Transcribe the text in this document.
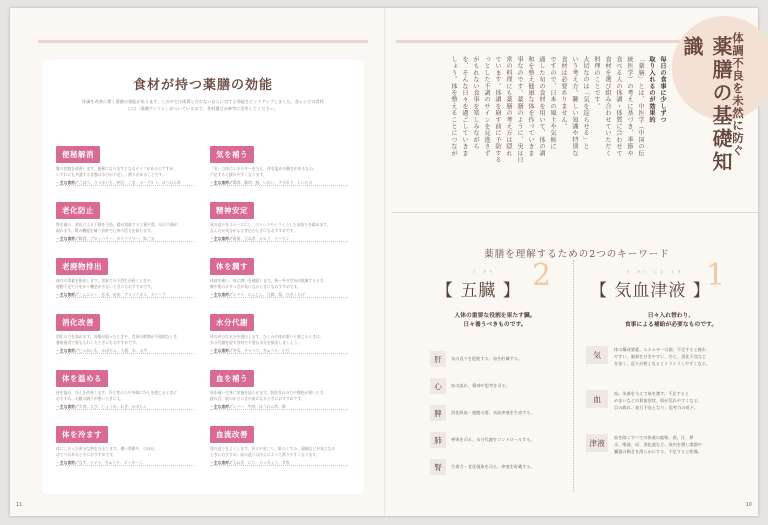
食材が持つ薬膳の効能
体調を改善に導く薬膳の効能があります。この中では体質と合わない自らに対する効能をピックアップしました。各レシピの食材には「薬膳アイコン」がついているので、食材選びの参考に活用してください。
便秘解消
腸の状態を改善します。便秘になりますとなるタイプがあるのですが、
いずれにも共通する状態は水分が不足し、滞りがあることです。
・主な食材／ごぼう、さつまいも、納豆、ごま、ヨーグルト、ほうれん草
気を補う
「気」は体にエネルギーを与え、体を温める働きがあるもの。
不足すると疲れやすくなります。
・主な食材／鶏肉、豚肉、鮭、いわし、アボカド、しいたけ
老化防止
腎を養い、老化による不調を予防。精が消耗すると髪や骨、耳の不調が
現れます。腎の機能を補う食材で心身の活力を保ちます。
・主な食材／豚肉、ブロッコリー、カリフラワー、黒ごま
精神安定
気の巡りをスムーズにし、ストレスやイライラした気持ちを鎮めます。
なんだか気分がふさぎ込むときにもおすすめです。
・主な食材／春菊、玉ねぎ、セロリ、ピーマン
老廃物排出
体内の毒素を排出します。食事での不摂生が続くときや、
運動不足で汗をかく機会が少ないときにもおすすめです。
・主な食材／こんにゃく、玄米、昆布、アスパラガス、オリーブ
体を潤す
体液を補い、体に潤いを補給します。秋～冬の空気が乾燥するとき、
喉や肌のカサつきが気になるときにもおすすめです。
・主な食材／トマト、にんじん、豆腐、梨、白きくらげ
消化改善
消化の力を高めます。胃腸が弱ったときや、食事の時間が不規則なとき、
暴飲暴食で胃もたれしたときにもおすすめです。
・主な食材／じゃがいも、かぼちゃ、大根、米、山芋
水分代謝
体の余分な水分を排出します。むくみや体が重いと感じるときは、
水分代謝を促す食材で不要な水分を排出しましょう。
・主な食材／冬瓜、キャベツ、きゅうり、小豆
体を温める
体を温め、冷えを改善します。冷え性の人や冬場に冷えを感じるときに
おすすめ。お腹の調子が悪いときにも。
・主な食材／羊肉、えび、しょうが、ねぎ、かぼちゃ
血を補う
血を補い全身に栄養を巡らせます。貧血ぎみの方や顔色が悪いとき、
疲れ目、肌のかさつきが気になるときにおすすめです。
・主な食材／レバー、牛肉、ほうれん草、卵
体を冷ます
体にこもった余分な熱を冷まします。暑い季節や、のぼせ、
ほてりがあるときにおすすめです。
・主な食材／なす、トマト、きゅうり、ズッキーニ
血流改善
血の巡りをよくします。冷えや肩こり、肌のくすみ、頭痛などが気になる
ときにおすすめ。血の巡りは冷えによって滞りやすくなります。
・主な食材／玉ねぎ、にら、らっきょう、青魚
11
体調不良を未然に防ぐ
薬膳の基礎知識
毎日の食事に少しずつ
取り入れるのが効果的
「薬膳」とは、中医学（中国の伝
統医学）の考えに基づき、季節や
食べる人の体調・体質に合わせて
食材を選び組み合わせていただく
料理のことです。
大切なのは「気を巡らせる」と
いう考え方。難しい知識や特別な
食材は必要ありません。
ですので、日本の風土や気候に
適した旬の食材を用いて、体の調
和を整え健康な体を作っていきま
事なのです。薬膳のように、実は日
常の料理にも薬膳の考え方は隠れ
ています。体調を崩す前に予防する
っとした不調のサインを見逃さず
がもれない食事を楽しみながら
を、そんな日々を過ごしていきま
しょう。体を整えることにつなが
薬膳を理解するための2つのキーワード
ご ぞう 2
【 五臓 】
人体の重要な役割を果たす臓。
日々養うべきものです。
肝	気の巡りを促進する。血を貯蔵する。
心	血の流れ、精神や思考を司る。
脾	消化吸収・運搬の要。気血津液を生成する。
肺	呼吸を司る。水分代謝をコントロールする。
腎	生命力・老化現象を司る。津液を貯蔵する。
き けつ しん えき 1
【 気血津液 】
日々入れ替わり、
食事による補給が必要なものです。
気
体の構成要素、エネルギーの源。不足すると疲れ
やすい、風邪をひきやすい、冷え、消化不良など
を招く。巡りが悪くなるとイライラしやすくなる。
血
血。栄養を与えて体を潤す。不足すると
めまいなどの貧血症状、肌が荒れやすくなる、
目の疲れ。血行不良となり、思考力の低下。
津液
血を除くすべての体液の総称。涙、汗、鼻
水、唾液、尿、消化液など。体内を潤し関節や
臓器の動きを滑らかにする。不足すると乾燥。
10
